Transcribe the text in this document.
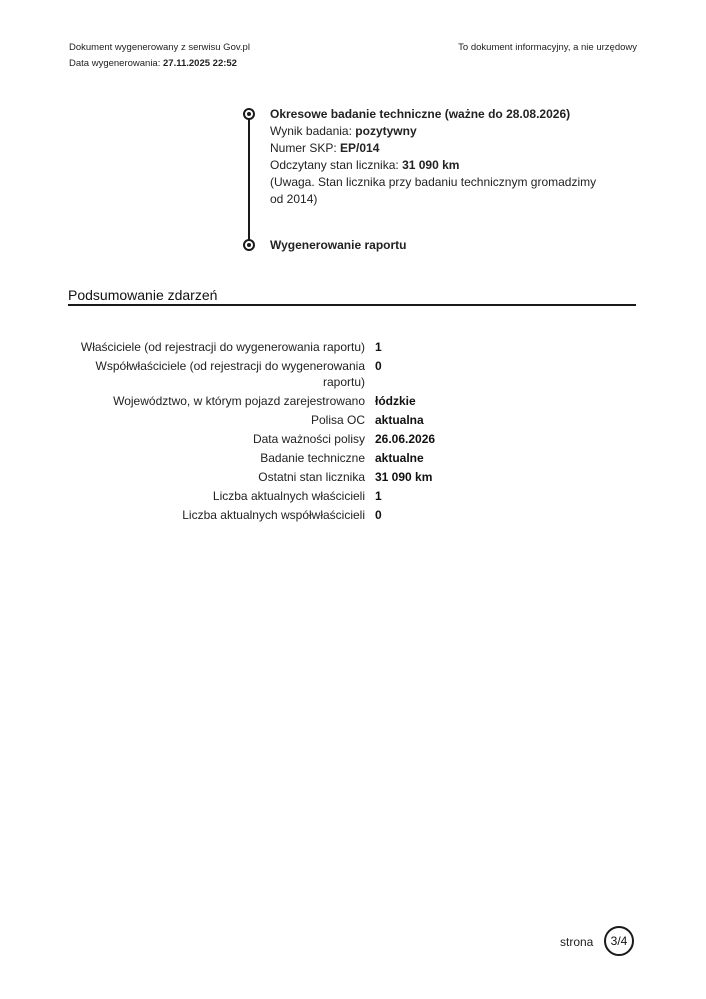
Dokument wygenerowany z serwisu Gov.pl
Data wygenerowania: 27.11.2025 22:52
To dokument informacyjny, a nie urzędowy
Okresowe badanie techniczne (ważne do 28.08.2026)
Wynik badania: pozytywny
Numer SKP: EP/014
Odczytany stan licznika: 31 090 km
(Uwaga. Stan licznika przy badaniu technicznym gromadzimy od 2014)
Wygenerowanie raportu
Podsumowanie zdarzeń
Właściciele (od rejestracji do wygenerowania raportu) 1
Współwłaściciele (od rejestracji do wygenerowania raportu)
0
Województwo, w którym pojazd zarejestrowano łódzkie
Polisa OC aktualna
Data ważności polisy 26.06.2026
Badanie techniczne aktualne
Ostatni stan licznika 31 090 km
Liczba aktualnych właścicieli 1
Liczba aktualnych współwłaścicieli 0
strona	3/4
